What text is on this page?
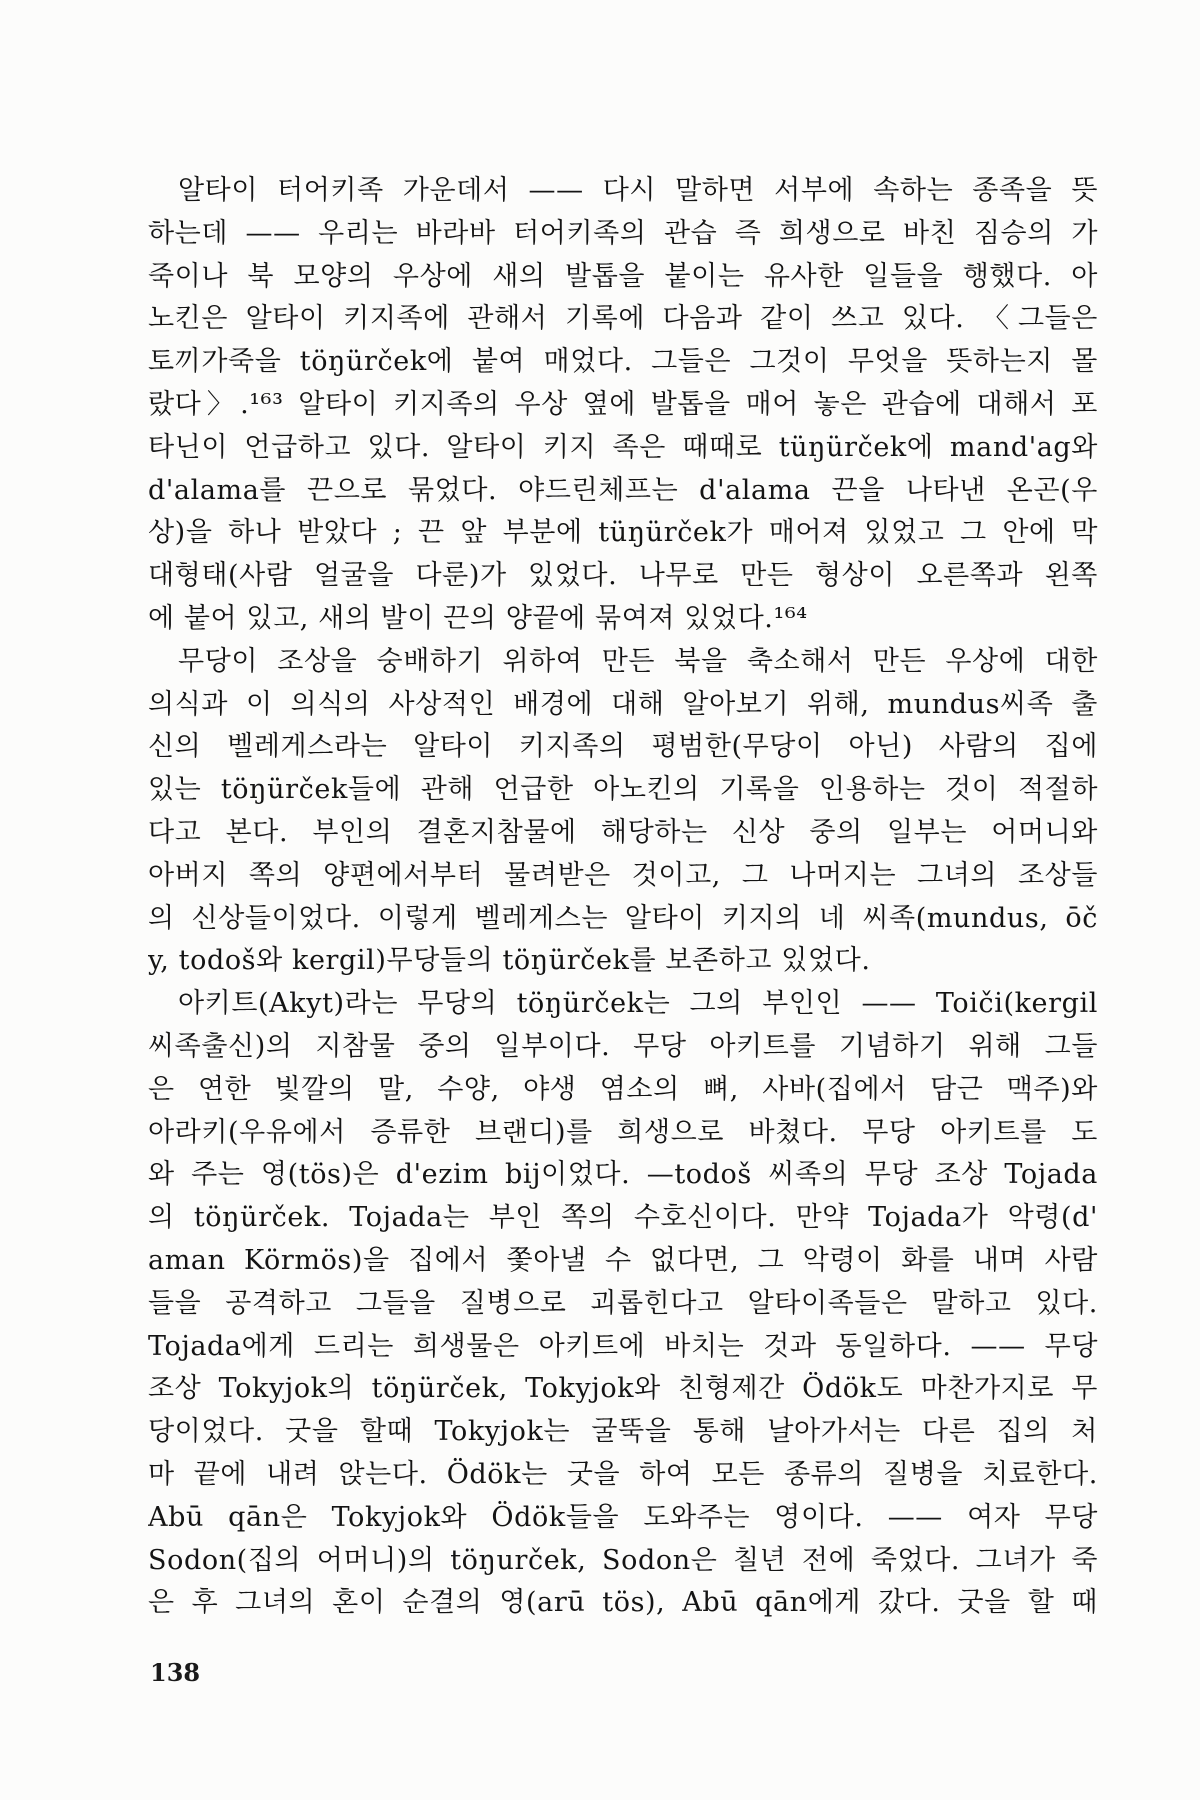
알타이 터어키족 가운데서 —— 다시 말하면 서부에 속하는 종족을 뜻
하는데 —— 우리는 바라바 터어키족의 관습 즉 희생으로 바친 짐승의 가
죽이나 북 모양의 우상에 새의 발톱을 붙이는 유사한 일들을 행했다. 아
노킨은 알타이 키지족에 관해서 기록에 다음과 같이 쓰고 있다. 〈그들은
토끼가죽을 töŋürček에 붙여 매었다. 그들은 그것이 무엇을 뜻하는지 몰
랐다〉.¹⁶³ 알타이 키지족의 우상 옆에 발톱을 매어 놓은 관습에 대해서 포
타닌이 언급하고 있다. 알타이 키지 족은 때때로 tüŋürček에 mand'ag와
d'alama를 끈으로 묶었다. 야드린체프는 d'alama 끈을 나타낸 온곤(우
상)을 하나 받았다 ; 끈 앞 부분에 tüŋürček가 매어져 있었고 그 안에 막
대형태(사람 얼굴을 다룬)가 있었다. 나무로 만든 형상이 오른쪽과 왼쪽
에 붙어 있고, 새의 발이 끈의 양끝에 묶여져 있었다.¹⁶⁴
무당이 조상을 숭배하기 위하여 만든 북을 축소해서 만든 우상에 대한
의식과 이 의식의 사상적인 배경에 대해 알아보기 위해, mundus씨족 출
신의 벨레게스라는 알타이 키지족의 평범한(무당이 아닌) 사람의 집에
있는 töŋürček들에 관해 언급한 아노킨의 기록을 인용하는 것이 적절하
다고 본다. 부인의 결혼지참물에 해당하는 신상 중의 일부는 어머니와
아버지 쪽의 양편에서부터 물려받은 것이고, 그 나머지는 그녀의 조상들
의 신상들이었다. 이렇게 벨레게스는 알타이 키지의 네 씨족(mundus, ōč
y, todoš와 kergil)무당들의 töŋürček를 보존하고 있었다.
아키트(Akyt)라는 무당의 töŋürček는 그의 부인인 —— Toiči(kergil
씨족출신)의 지참물 중의 일부이다. 무당 아키트를 기념하기 위해 그들
은 연한 빛깔의 말, 수양, 야생 염소의 뼈, 사바(집에서 담근 맥주)와
아라키(우유에서 증류한 브랜디)를 희생으로 바쳤다. 무당 아키트를 도
와 주는 영(tös)은 d'ezim bij이었다. —todoš 씨족의 무당 조상 Tojada
의 töŋürček. Tojada는 부인 쪽의 수호신이다. 만약 Tojada가 악령(d'
aman Körmös)을 집에서 쫓아낼 수 없다면, 그 악령이 화를 내며 사람
들을 공격하고 그들을 질병으로 괴롭힌다고 알타이족들은 말하고 있다.
Tojada에게 드리는 희생물은 아키트에 바치는 것과 동일하다. —— 무당
조상 Tokyjok의 töŋürček, Tokyjok와 친형제간 Ödök도 마찬가지로 무
당이었다. 굿을 할때 Tokyjok는 굴뚝을 통해 날아가서는 다른 집의 처
마 끝에 내려 앉는다. Ödök는 굿을 하여 모든 종류의 질병을 치료한다.
Abū qān은 Tokyjok와 Ödök들을 도와주는 영이다. —— 여자 무당
Sodon(집의 어머니)의 töŋurček, Sodon은 칠년 전에 죽었다. 그녀가 죽
은 후 그녀의 혼이 순결의 영(arū tös), Abū qān에게 갔다. 굿을 할 때
138
